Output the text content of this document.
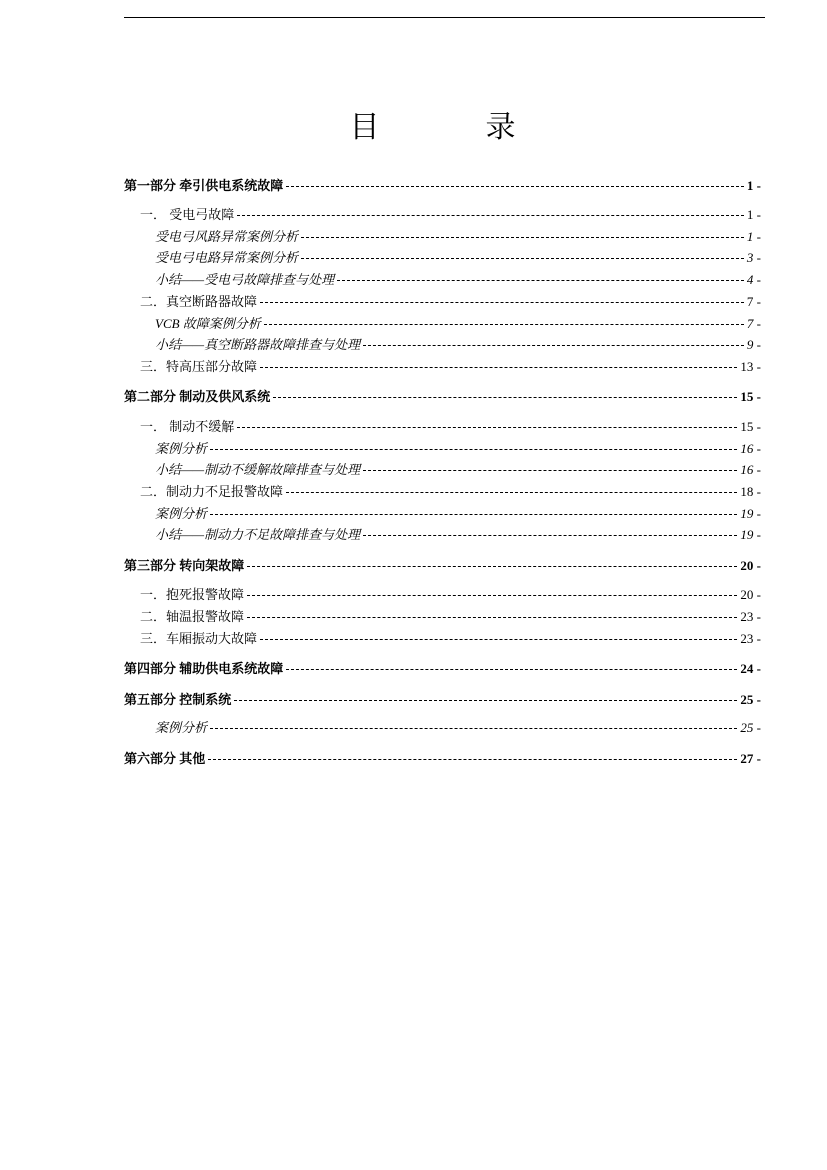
目　录
第一部分 牵引供电系统故障	1 -
一． 受电弓故障	1 -
受电弓风路异常案例分析	1 -
受电弓电路异常案例分析	3 -
小结——受电弓故障排查与处理	4 -
二．真空断路器故障	7 -
VCB 故障案例分析	7 -
小结——真空断路器故障排查与处理	9 -
三．特高压部分故障	13 -
第二部分 制动及供风系统	15 -
一． 制动不缓解	15 -
案例分析	16 -
小结——制动不缓解故障排查与处理	16 -
二．制动力不足报警故障	18 -
案例分析	19 -
小结——制动力不足故障排查与处理	19 -
第三部分 转向架故障	20 -
一．抱死报警故障	20 -
二．轴温报警故障	23 -
三．车厢振动大故障	23 -
第四部分 辅助供电系统故障	24 -
第五部分 控制系统	25 -
案例分析	25 -
第六部分 其他	27 -
